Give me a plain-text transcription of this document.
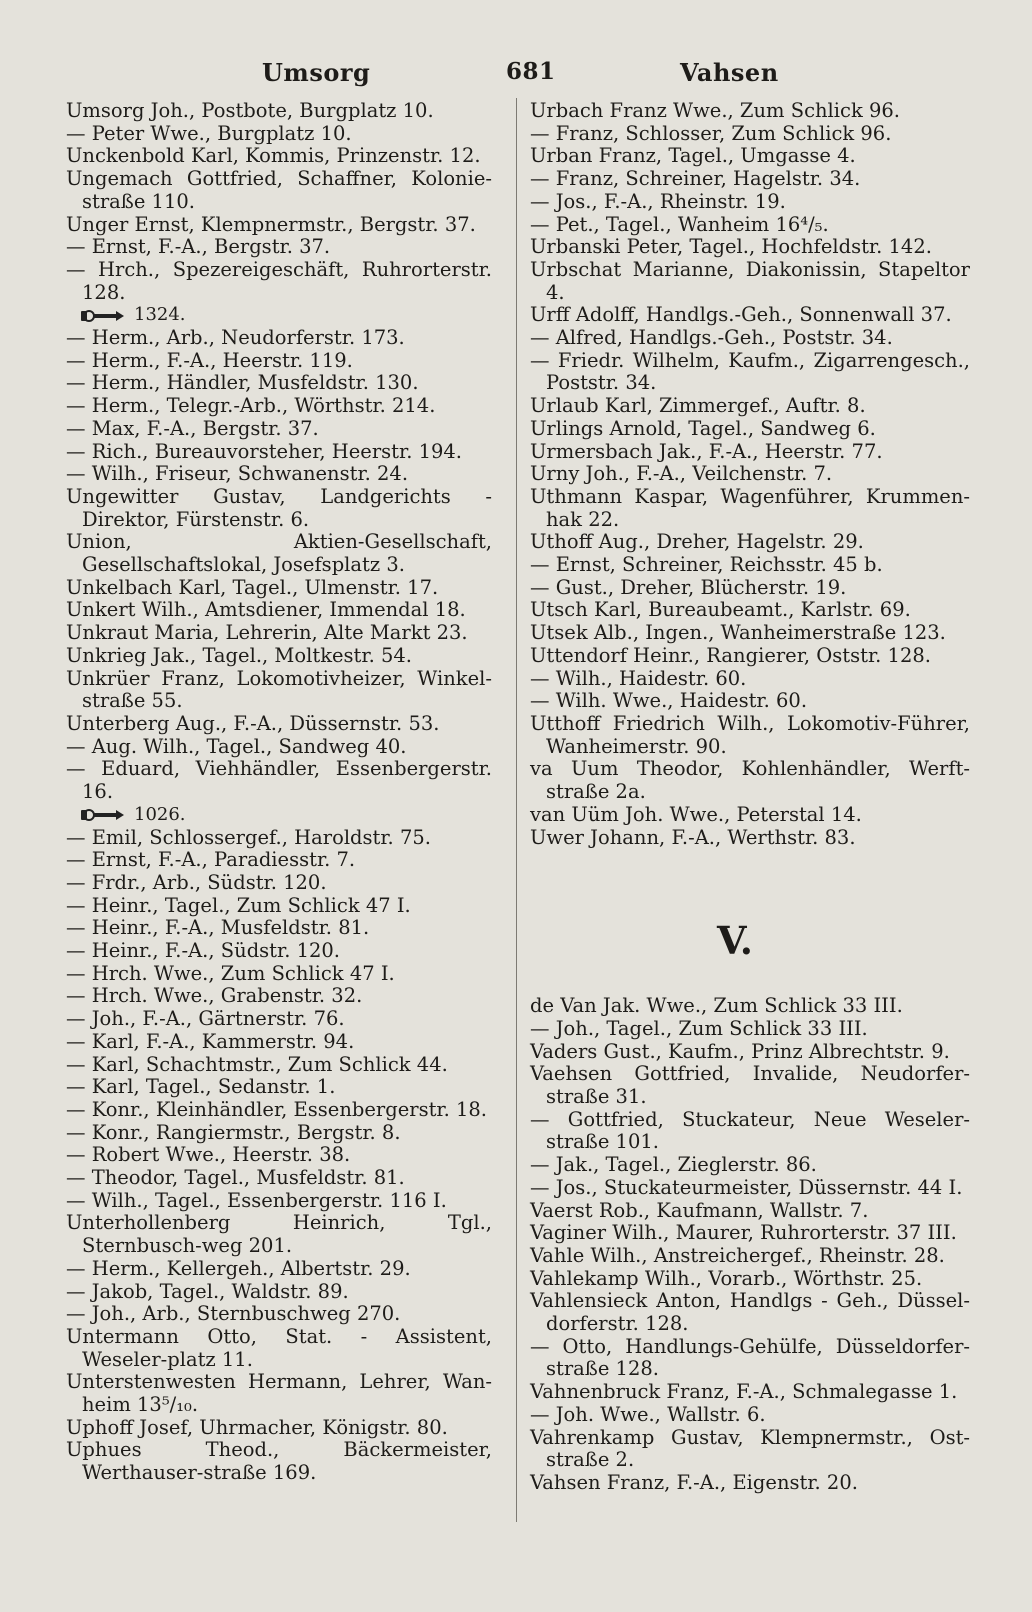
Umsorg	681	Vahsen
Umsorg Joh., Postbote, Burgplatz 10.
— Peter Wwe., Burgplatz 10.
Unckenbold Karl, Kommis, Prinzenstr. 12.
Ungemach Gottfried, Schaffner, Kolonie-straße 110.
Unger Ernst, Klempnermstr., Bergstr. 37.
— Ernst, F.-A., Bergstr. 37.
— Hrch., Spezereigeschäft, Ruhrorterstr. 128.
1324.
— Herm., Arb., Neudorferstr. 173.
— Herm., F.-A., Heerstr. 119.
— Herm., Händler, Musfeldstr. 130.
— Herm., Telegr.-Arb., Wörthstr. 214.
— Max, F.-A., Bergstr. 37.
— Rich., Bureauvorsteher, Heerstr. 194.
— Wilh., Friseur, Schwanenstr. 24.
Ungewitter Gustav, Landgerichts - Direktor, Fürstenstr. 6.
Union, Aktien-Gesellschaft, Gesellschaftslokal, Josefsplatz 3.
Unkelbach Karl, Tagel., Ulmenstr. 17.
Unkert Wilh., Amtsdiener, Immendal 18.
Unkraut Maria, Lehrerin, Alte Markt 23.
Unkrieg Jak., Tagel., Moltkestr. 54.
Unkrüer Franz, Lokomotivheizer, Winkel-straße 55.
Unterberg Aug., F.-A., Düssernstr. 53.
— Aug. Wilh., Tagel., Sandweg 40.
— Eduard, Viehhändler, Essenbergerstr. 16.
1026.
— Emil, Schlossergef., Haroldstr. 75.
— Ernst, F.-A., Paradiesstr. 7.
— Frdr., Arb., Südstr. 120.
— Heinr., Tagel., Zum Schlick 47 I.
— Heinr., F.-A., Musfeldstr. 81.
— Heinr., F.-A., Südstr. 120.
— Hrch. Wwe., Zum Schlick 47 I.
— Hrch. Wwe., Grabenstr. 32.
— Joh., F.-A., Gärtnerstr. 76.
— Karl, F.-A., Kammerstr. 94.
— Karl, Schachtmstr., Zum Schlick 44.
— Karl, Tagel., Sedanstr. 1.
— Konr., Kleinhändler, Essenbergerstr. 18.
— Konr., Rangiermstr., Bergstr. 8.
— Robert Wwe., Heerstr. 38.
— Theodor, Tagel., Musfeldstr. 81.
— Wilh., Tagel., Essenbergerstr. 116 I.
Unterhollenberg Heinrich, Tgl., Sternbusch-weg 201.
— Herm., Kellergeh., Albertstr. 29.
— Jakob, Tagel., Waldstr. 89.
— Joh., Arb., Sternbuschweg 270.
Untermann Otto, Stat. - Assistent, Weseler-platz 11.
Unterstenwesten Hermann, Lehrer, Wan-heim 13⁵/₁₀.
Uphoff Josef, Uhrmacher, Königstr. 80.
Uphues Theod., Bäckermeister, Werthauser-straße 169.
Urbach Franz Wwe., Zum Schlick 96.
— Franz, Schlosser, Zum Schlick 96.
Urban Franz, Tagel., Umgasse 4.
— Franz, Schreiner, Hagelstr. 34.
— Jos., F.-A., Rheinstr. 19.
— Pet., Tagel., Wanheim 16⁴/₅.
Urbanski Peter, Tagel., Hochfeldstr. 142.
Urbschat Marianne, Diakonissin, Stapeltor 4.
Urff Adolff, Handlgs.-Geh., Sonnenwall 37.
— Alfred, Handlgs.-Geh., Poststr. 34.
— Friedr. Wilhelm, Kaufm., Zigarrengesch., Poststr. 34.
Urlaub Karl, Zimmergef., Auftr. 8.
Urlings Arnold, Tagel., Sandweg 6.
Urmersbach Jak., F.-A., Heerstr. 77.
Urny Joh., F.-A., Veilchenstr. 7.
Uthmann Kaspar, Wagenführer, Krummen-hak 22.
Uthoff Aug., Dreher, Hagelstr. 29.
— Ernst, Schreiner, Reichsstr. 45 b.
— Gust., Dreher, Blücherstr. 19.
Utsch Karl, Bureaubeamt., Karlstr. 69.
Utsek Alb., Ingen., Wanheimerstraße 123.
Uttendorf Heinr., Rangierer, Oststr. 128.
— Wilh., Haidestr. 60.
— Wilh. Wwe., Haidestr. 60.
Utthoff Friedrich Wilh., Lokomotiv-Führer, Wanheimerstr. 90.
va Uum Theodor, Kohlenhändler, Werft-straße 2a.
van Uüm Joh. Wwe., Peterstal 14.
Uwer Johann, F.-A., Werthstr. 83.
V.
de Van Jak. Wwe., Zum Schlick 33 III.
— Joh., Tagel., Zum Schlick 33 III.
Vaders Gust., Kaufm., Prinz Albrechtstr. 9.
Vaehsen Gottfried, Invalide, Neudorfer-straße 31.
— Gottfried, Stuckateur, Neue Weseler-straße 101.
— Jak., Tagel., Zieglerstr. 86.
— Jos., Stuckateurmeister, Düssernstr. 44 I.
Vaerst Rob., Kaufmann, Wallstr. 7.
Vaginer Wilh., Maurer, Ruhrorterstr. 37 III.
Vahle Wilh., Anstreichergef., Rheinstr. 28.
Vahlekamp Wilh., Vorarb., Wörthstr. 25.
Vahlensieck Anton, Handlgs - Geh., Düssel-dorferstr. 128.
— Otto, Handlungs-Gehülfe, Düsseldorfer-straße 128.
Vahnenbruck Franz, F.-A., Schmalegasse 1.
— Joh. Wwe., Wallstr. 6.
Vahrenkamp Gustav, Klempnermstr., Ost-straße 2.
Vahsen Franz, F.-A., Eigenstr. 20.
